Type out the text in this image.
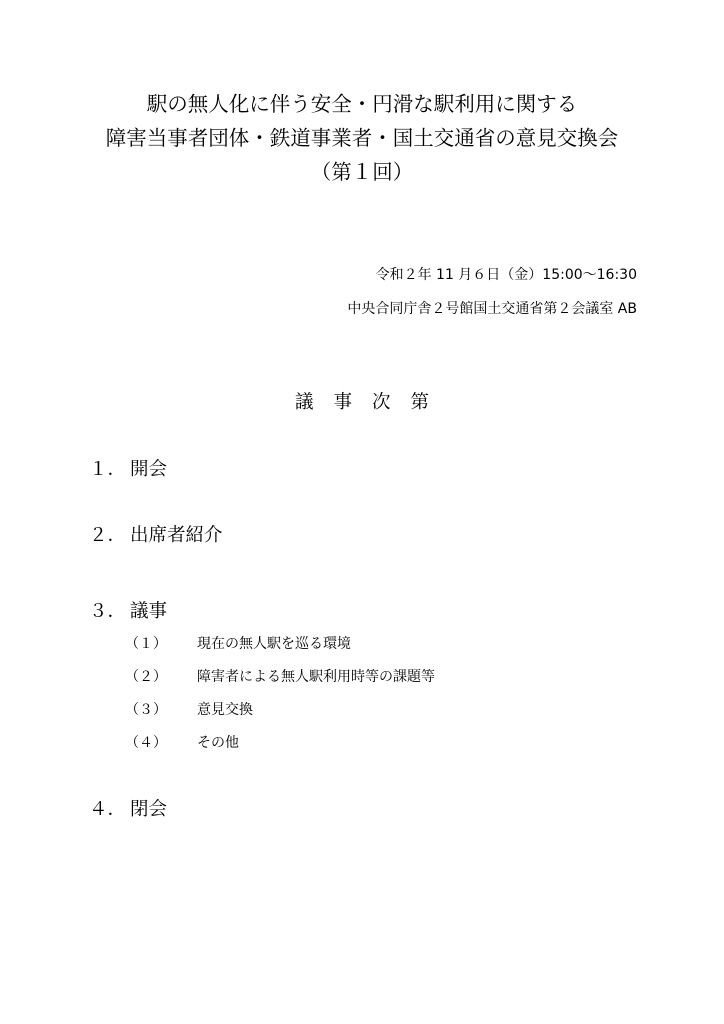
駅の無人化に伴う安全・円滑な駅利用に関する
障害当事者団体・鉄道事業者・国土交通省の意見交換会
（第１回）
令和２年 11 月６日（金）15:00～16:30
中央合同庁舎２号館国土交通省第２会議室 AB
議事次第
１． 開会
２． 出席者紹介
３． 議事
（１） 現在の無人駅を巡る環境
（２） 障害者による無人駅利用時等の課題等
（３） 意見交換
（４） その他
４． 閉会
